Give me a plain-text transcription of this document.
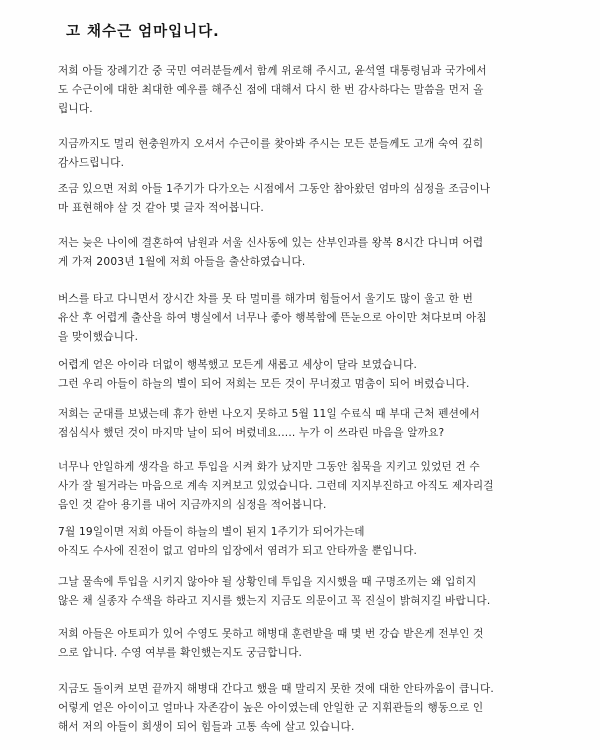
고 채수근 엄마입니다.
저희 아들 장례기간 중 국민 여러분들께서 함께 위로해 주시고, 윤석열 대통령님과 국가에서
도 수근이에 대한 최대한 예우를 해주신 점에 대해서 다시 한 번 감사하다는 말씀을 먼저 올
립니다.
지금까지도 멀리 현충원까지 오셔서 수근이를 찾아봐 주시는 모든 분들께도 고개 숙여 깊히
감사드립니다.
조금 있으면 저희 아들 1주기가 다가오는 시점에서 그동안 참아왔던 엄마의 심정을 조금이나
마 표현해야 살 것 같아 몇 글자 적어봅니다.
저는 늦은 나이에 결혼하여 남원과 서울 신사동에 있는 산부인과를 왕복 8시간 다니며 어렵
게 가져 2003년 1월에 저희 아들을 출산하였습니다.
버스를 타고 다니면서 장시간 차를 못 타 멀미를 해가며 힘들어서 울기도 많이 울고 한 번
유산 후 어렵게 출산을 하여 병실에서 너무나 좋아 행복함에 뜬눈으로 아이만 쳐다보며 아침
을 맞이했습니다.
어렵게 얻은 아이라 더없이 행복했고 모든게 새롭고 세상이 달라 보였습니다.
그런 우리 아들이 하늘의 별이 되어 저희는 모든 것이 무너졌고 멈춤이 되어 버렸습니다.
저희는 군대를 보냈는데 휴가 한번 나오지 못하고 5월 11일 수료식 때 부대 근처 펜션에서
점심식사 했던 것이 마지막 날이 되어 버렸네요..... 누가 이 쓰라린 마음을 알까요?
너무나 안일하게 생각을 하고 투입을 시켜 화가 났지만 그동안 침묵을 지키고 있었던 건 수
사가 잘 될거라는 마음으로 계속 지켜보고 있었습니다. 그런데 지지부진하고 아직도 제자리걸
음인 것 같아 용기를 내어 지금까지의 심정을 적어봅니다.
7월 19일이면 저희 아들이 하늘의 별이 된지 1주기가 되어가는데
아직도 수사에 진전이 없고 엄마의 입장에서 염려가 되고 안타까울 뿐입니다.
그날 물속에 투입을 시키지 않아야 될 상황인데 투입을 지시했을 때 구명조끼는 왜 입히지
않은 채 실종자 수색을 하라고 지시를 했는지 지금도 의문이고 꼭 진실이 밝혀지길 바랍니다.
저희 아들은 아토피가 있어 수영도 못하고 해병대 훈련받을 때 몇 번 강습 받은게 전부인 것
으로 압니다. 수영 여부를 확인했는지도 궁금합니다.
지금도 돌이켜 보면 끝까지 해병대 간다고 했을 때 말리지 못한 것에 대한 안타까움이 큽니다.
어렇게 얻은 아이이고 얼마나 자존감이 높은 아이였는데 안일한 군 지휘관들의 행동으로 인
해서 저의 아들이 희생이 되어 힘들과 고통 속에 살고 있습니다.
